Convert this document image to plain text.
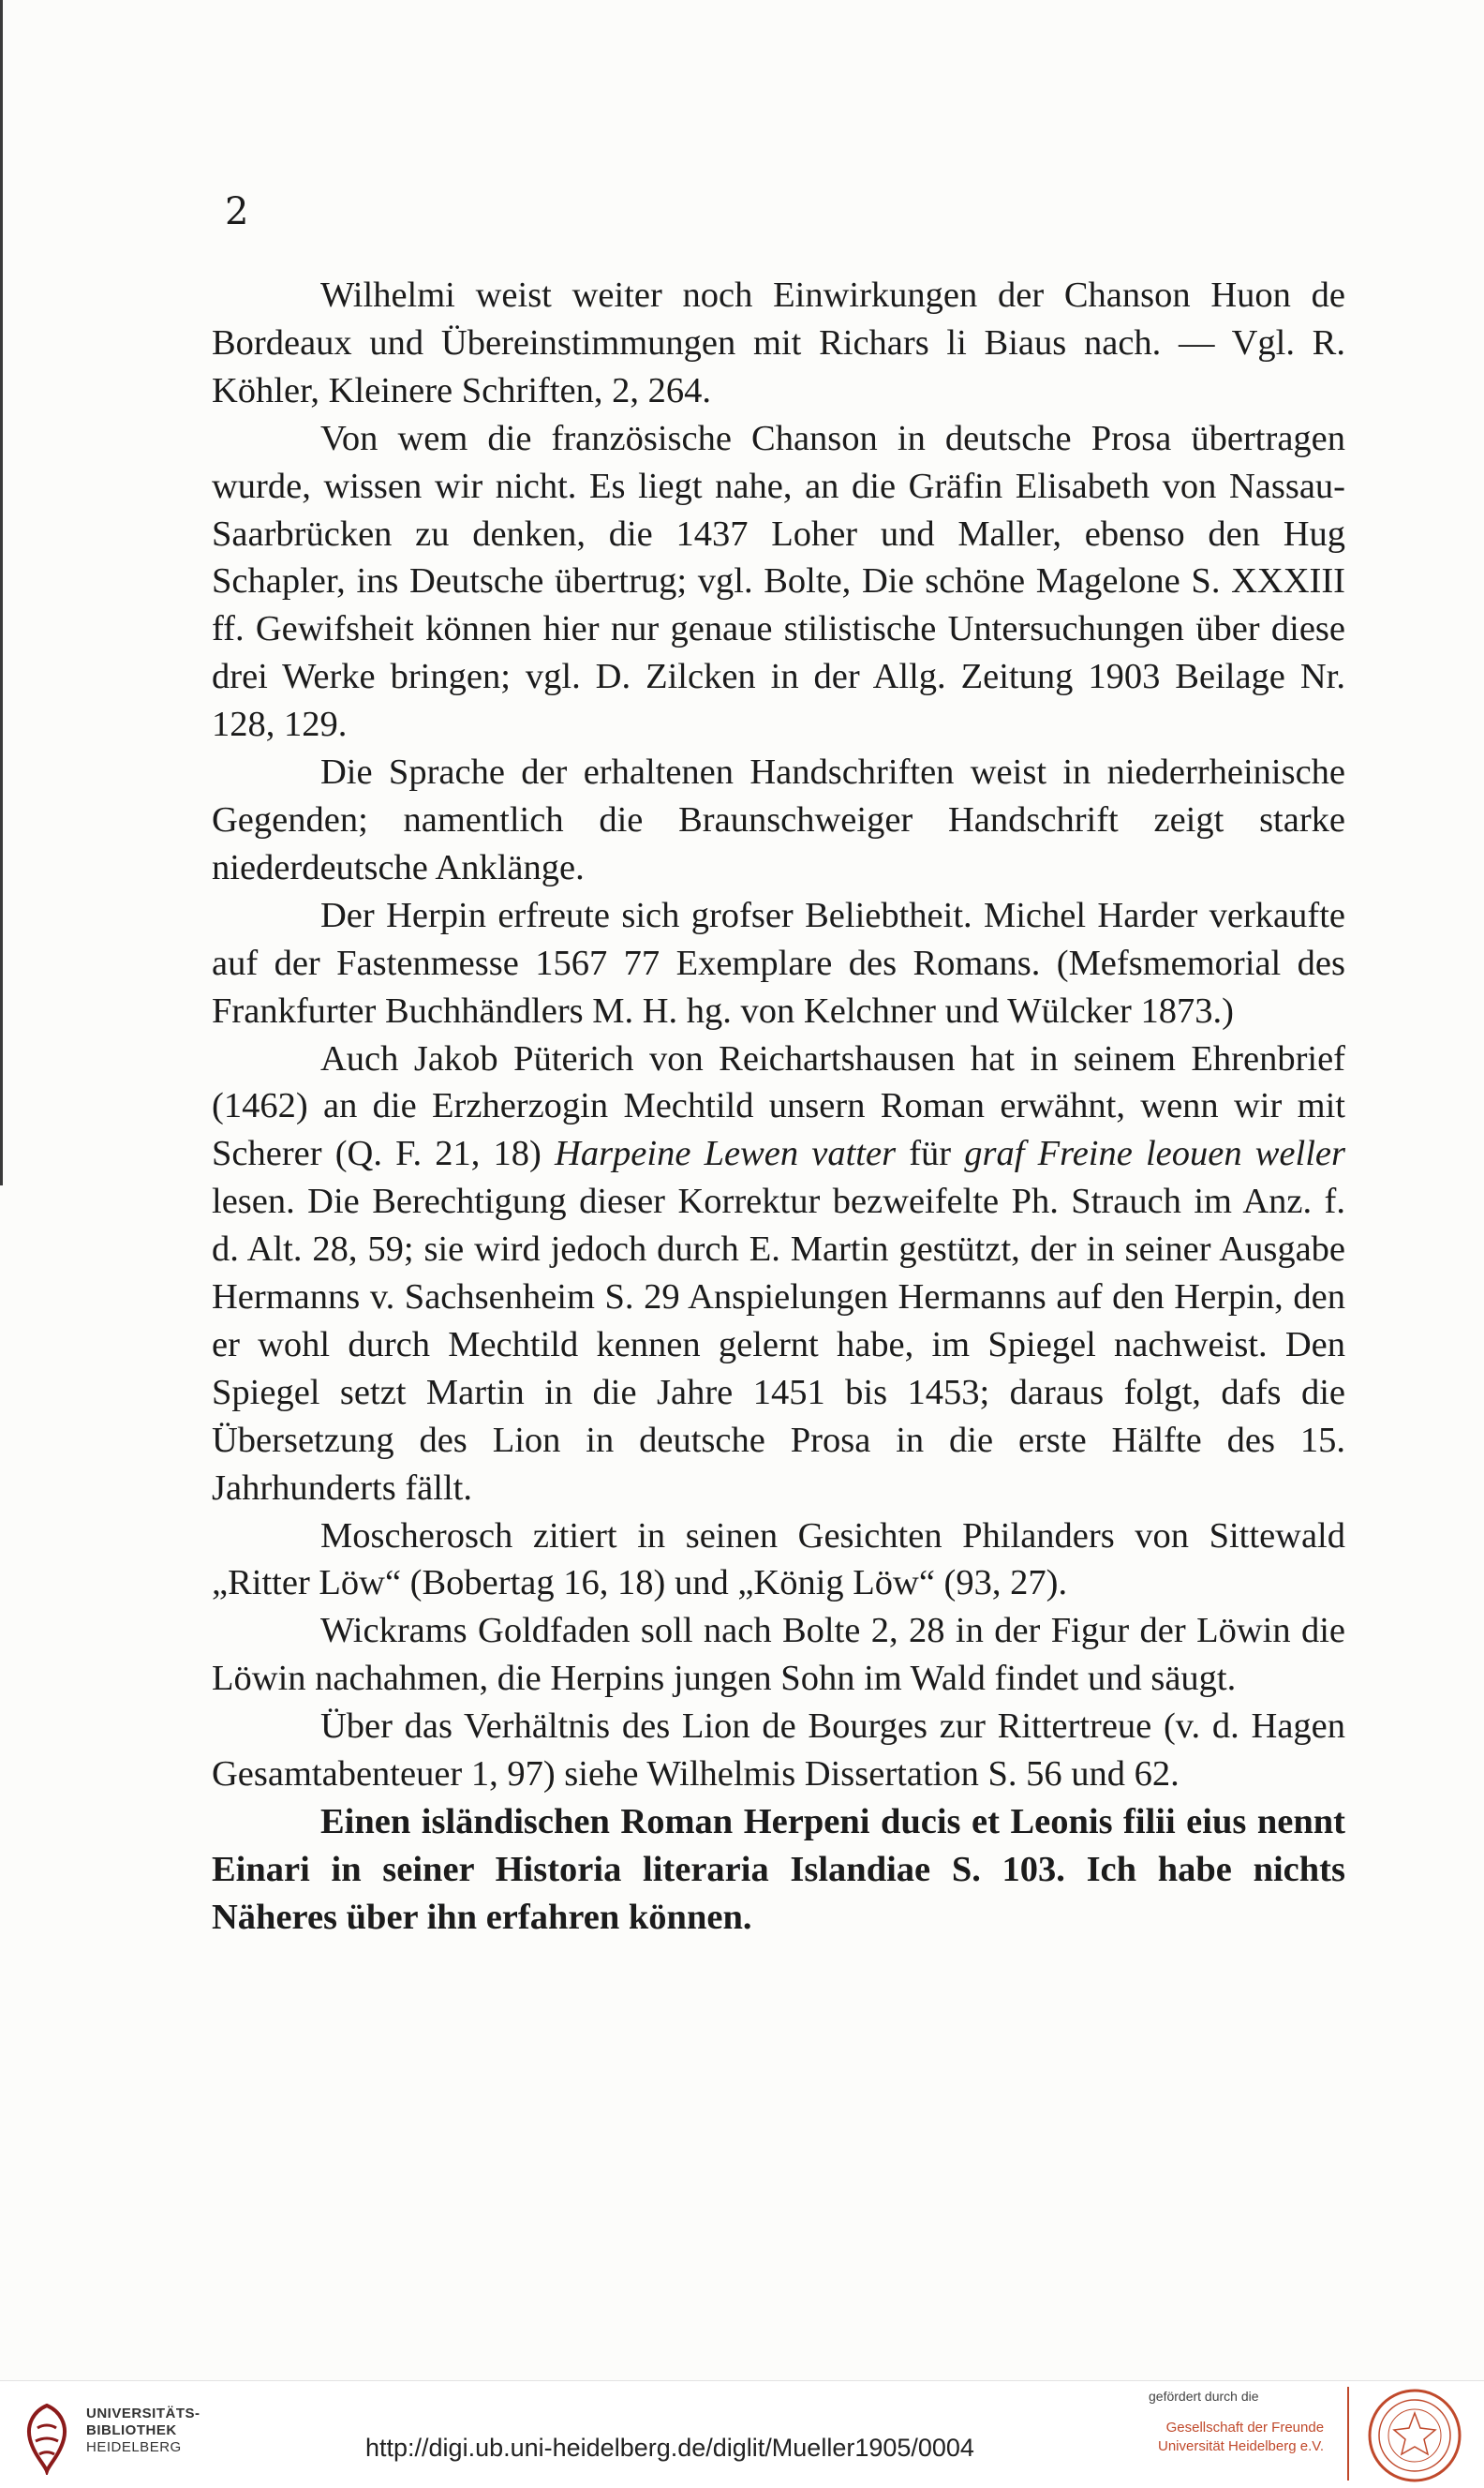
2

Wilhelmi weist weiter noch Einwirkungen der Chanson Huon de Bordeaux und Übereinstimmungen mit Richars li Biaus nach. — Vgl. R. Köhler, Kleinere Schriften, 2, 264.

Von wem die französische Chanson in deutsche Prosa übertragen wurde, wissen wir nicht. Es liegt nahe, an die Gräfin Elisabeth von Nassau-Saarbrücken zu denken, die 1437 Loher und Maller, ebenso den Hug Schapler, ins Deutsche übertrug; vgl. Bolte, Die schöne Magelone S. XXXIII ff. Gewifsheit können hier nur genaue stilistische Untersuchungen über diese drei Werke bringen; vgl. D. Zilcken in der Allg. Zeitung 1903 Beilage Nr. 128, 129.

Die Sprache der erhaltenen Handschriften weist in niederrheinische Gegenden; namentlich die Braunschweiger Handschrift zeigt starke niederdeutsche Anklänge.

Der Herpin erfreute sich grofser Beliebtheit. Michel Harder verkaufte auf der Fastenmesse 1567 77 Exemplare des Romans. (Mefsmemorial des Frankfurter Buchhändlers M. H. hg. von Kelchner und Wülcker 1873.)

Auch Jakob Püterich von Reichartshausen hat in seinem Ehrenbrief (1462) an die Erzherzogin Mechtild unsern Roman erwähnt, wenn wir mit Scherer (Q. F. 21, 18) Harpeine Lewen vatter für graf Freine leouen weller lesen. Die Berechtigung dieser Korrektur bezweifelte Ph. Strauch im Anz. f. d. Alt. 28, 59; sie wird jedoch durch E. Martin gestützt, der in seiner Ausgabe Hermanns v. Sachsenheim S. 29 Anspielungen Hermanns auf den Herpin, den er wohl durch Mechtild kennen gelernt habe, im Spiegel nachweist. Den Spiegel setzt Martin in die Jahre 1451 bis 1453; daraus folgt, dafs die Übersetzung des Lion in deutsche Prosa in die erste Hälfte des 15. Jahrhunderts fällt.

Moscherosch zitiert in seinen Gesichten Philanders von Sittewald „Ritter Löw“ (Bobertag 16, 18) und „König Löw“ (93, 27).

Wickrams Goldfaden soll nach Bolte 2, 28 in der Figur der Löwin die Löwin nachahmen, die Herpins jungen Sohn im Wald findet und säugt.

Über das Verhältnis des Lion de Bourges zur Rittertreue (v. d. Hagen Gesamtabenteuer 1, 97) siehe Wilhelmis Dissertation S. 56 und 62.

Einen isländischen Roman Herpeni ducis et Leonis filii eius nennt Einari in seiner Historia literaria Islandiae S. 103. Ich habe nichts Näheres über ihn erfahren können.

UNIVERSITÄTS-
BIBLIOTHEK
HEIDELBERG	http://digi.ub.uni-heidelberg.de/diglit/Mueller1905/0004
gefördert durch die
Gesellschaft der Freunde
Universität Heidelberg e.V.
